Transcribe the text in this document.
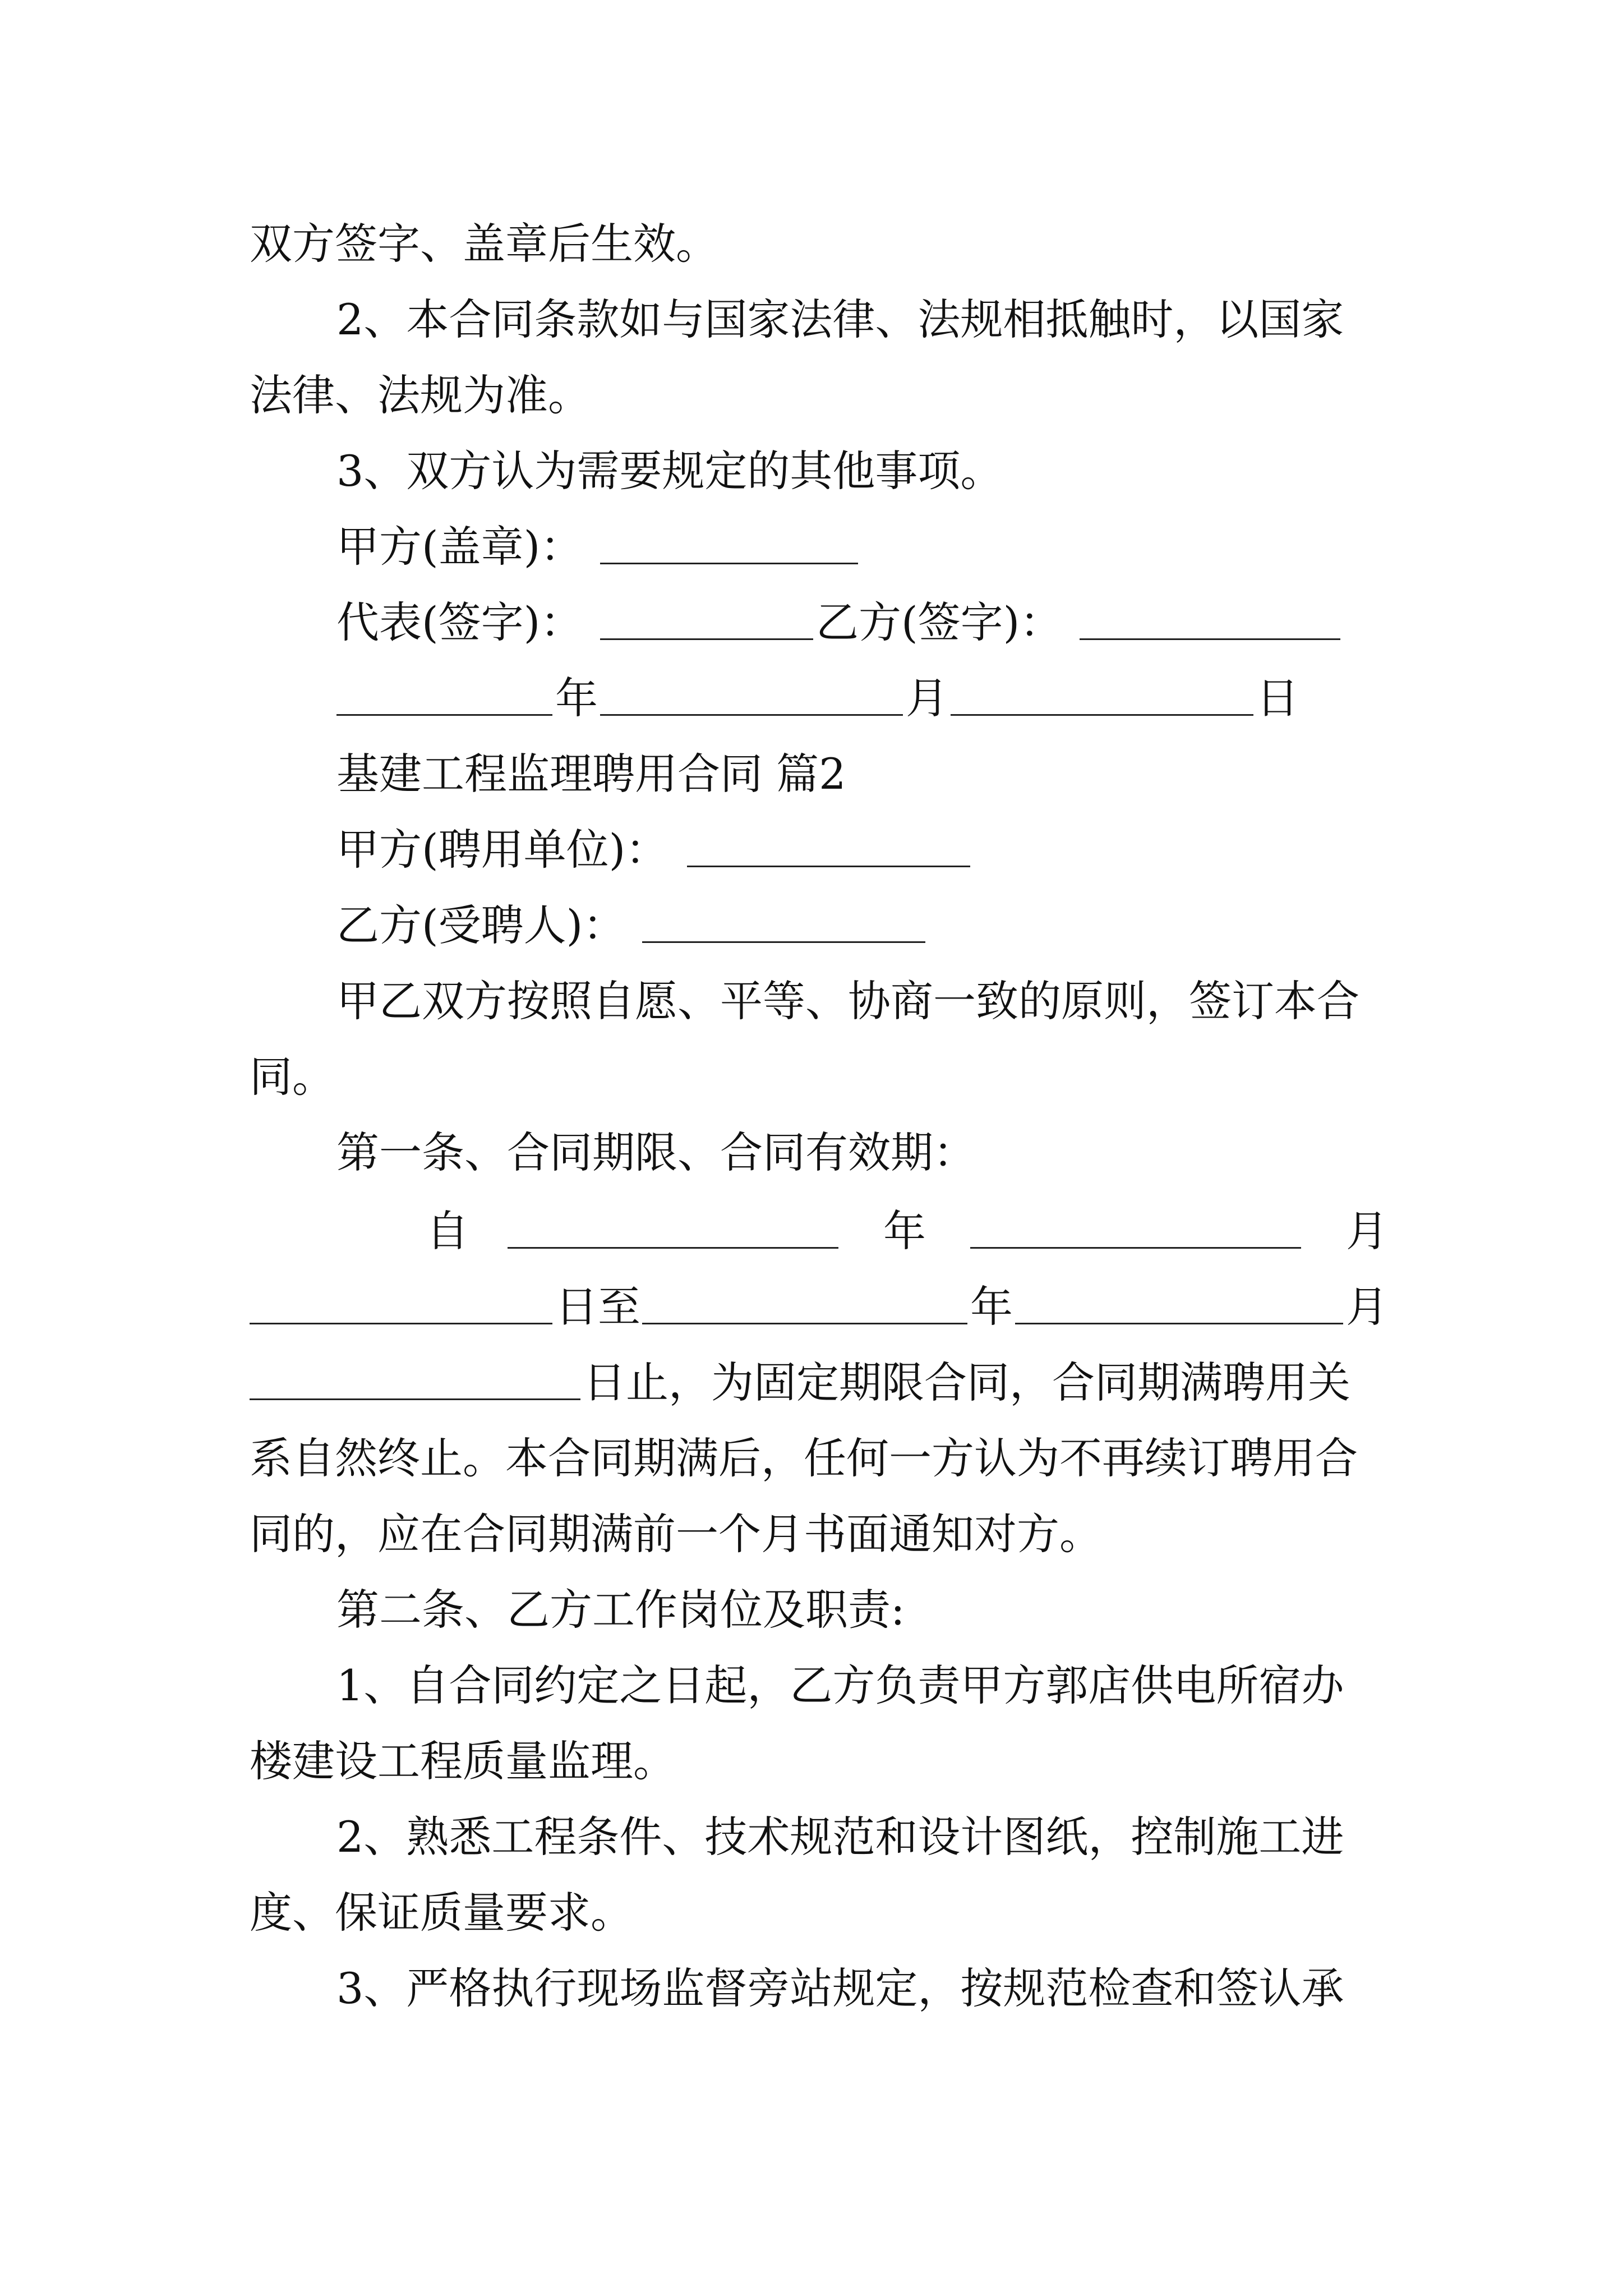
双方签字、盖章后生效。
2、本合同条款如与国家法律、法规相抵触时，以国家
法律、法规为准。
3、双方认为需要规定的其他事项。
甲方(盖章)：
代表(签字)：	乙方(签字)：
年	月	日
基建工程监理聘用合同 篇2
甲方(聘用单位)：
乙方(受聘人)：
甲乙双方按照自愿、平等、协商一致的原则，签订本合
同。
第一条、合同期限、合同有效期：
自	年	月
日至	年	月
日止，为固定期限合同，合同期满聘用关
系自然终止。本合同期满后，任何一方认为不再续订聘用合
同的，应在合同期满前一个月书面通知对方。
第二条、乙方工作岗位及职责:
1、自合同约定之日起，乙方负责甲方郭店供电所宿办
楼建设工程质量监理。
2、熟悉工程条件、技术规范和设计图纸，控制施工进
度、保证质量要求。
3、严格执行现场监督旁站规定，按规范检查和签认承
